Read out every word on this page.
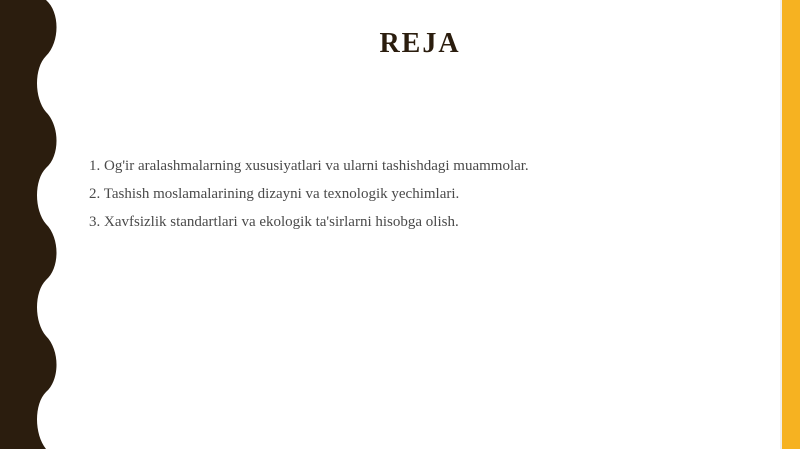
REJA
1. Og'ir aralashmalarning xususiyatlari va ularni tashishdagi muammolar.
2. Tashish moslamalarining dizayni va texnologik yechimlari.
3. Xavfsizlik standartlari va ekologik ta'sirlarni hisobga olish.
